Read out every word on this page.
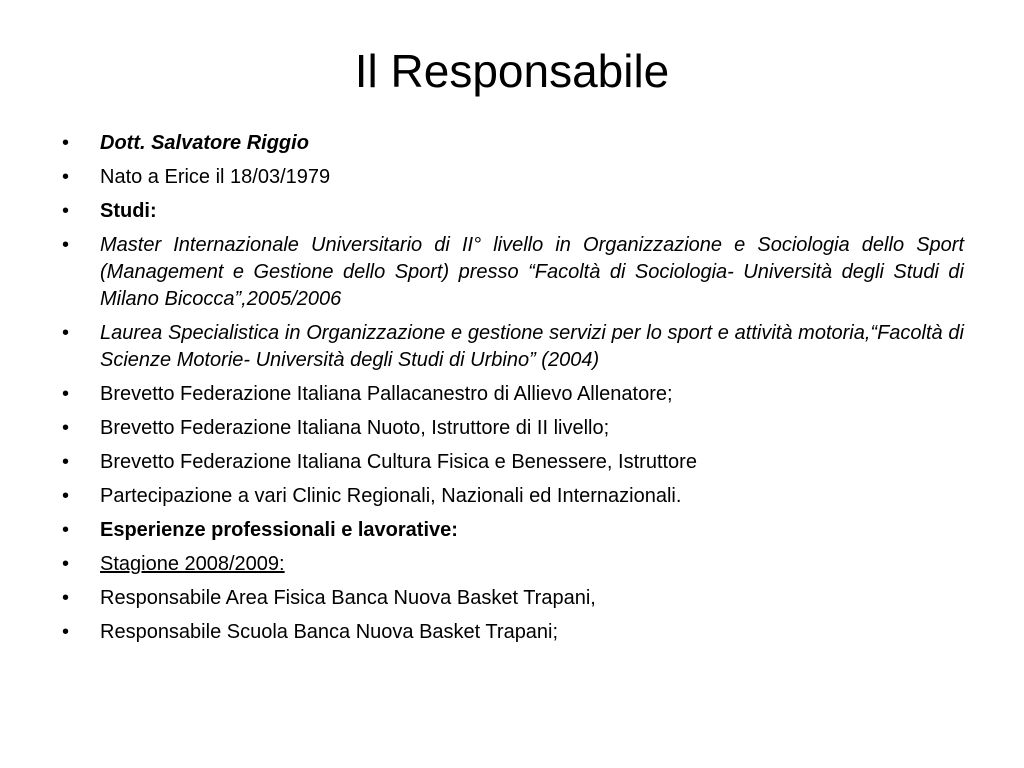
Il Responsabile
•	Dott. Salvatore Riggio
•	Nato a Erice il 18/03/1979
•	Studi:
•	Master Internazionale Universitario di II° livello in Organizzazione e Sociologia dello Sport (Management e Gestione dello Sport) presso “Facoltà di Sociologia- Università degli Studi di Milano Bicocca”,2005/2006
•	Laurea Specialistica in Organizzazione e gestione servizi per lo sport e attività motoria,“Facoltà di Scienze Motorie- Università degli Studi di Urbino” (2004)
•	Brevetto Federazione Italiana Pallacanestro di Allievo Allenatore;
•	Brevetto Federazione Italiana Nuoto, Istruttore di II livello;
•	Brevetto Federazione Italiana Cultura Fisica e Benessere, Istruttore
•	Partecipazione a vari Clinic Regionali, Nazionali ed Internazionali.
•	Esperienze professionali e lavorative:
•	Stagione 2008/2009:
•	Responsabile Area Fisica Banca Nuova Basket Trapani,
•	Responsabile Scuola Banca Nuova Basket Trapani;
